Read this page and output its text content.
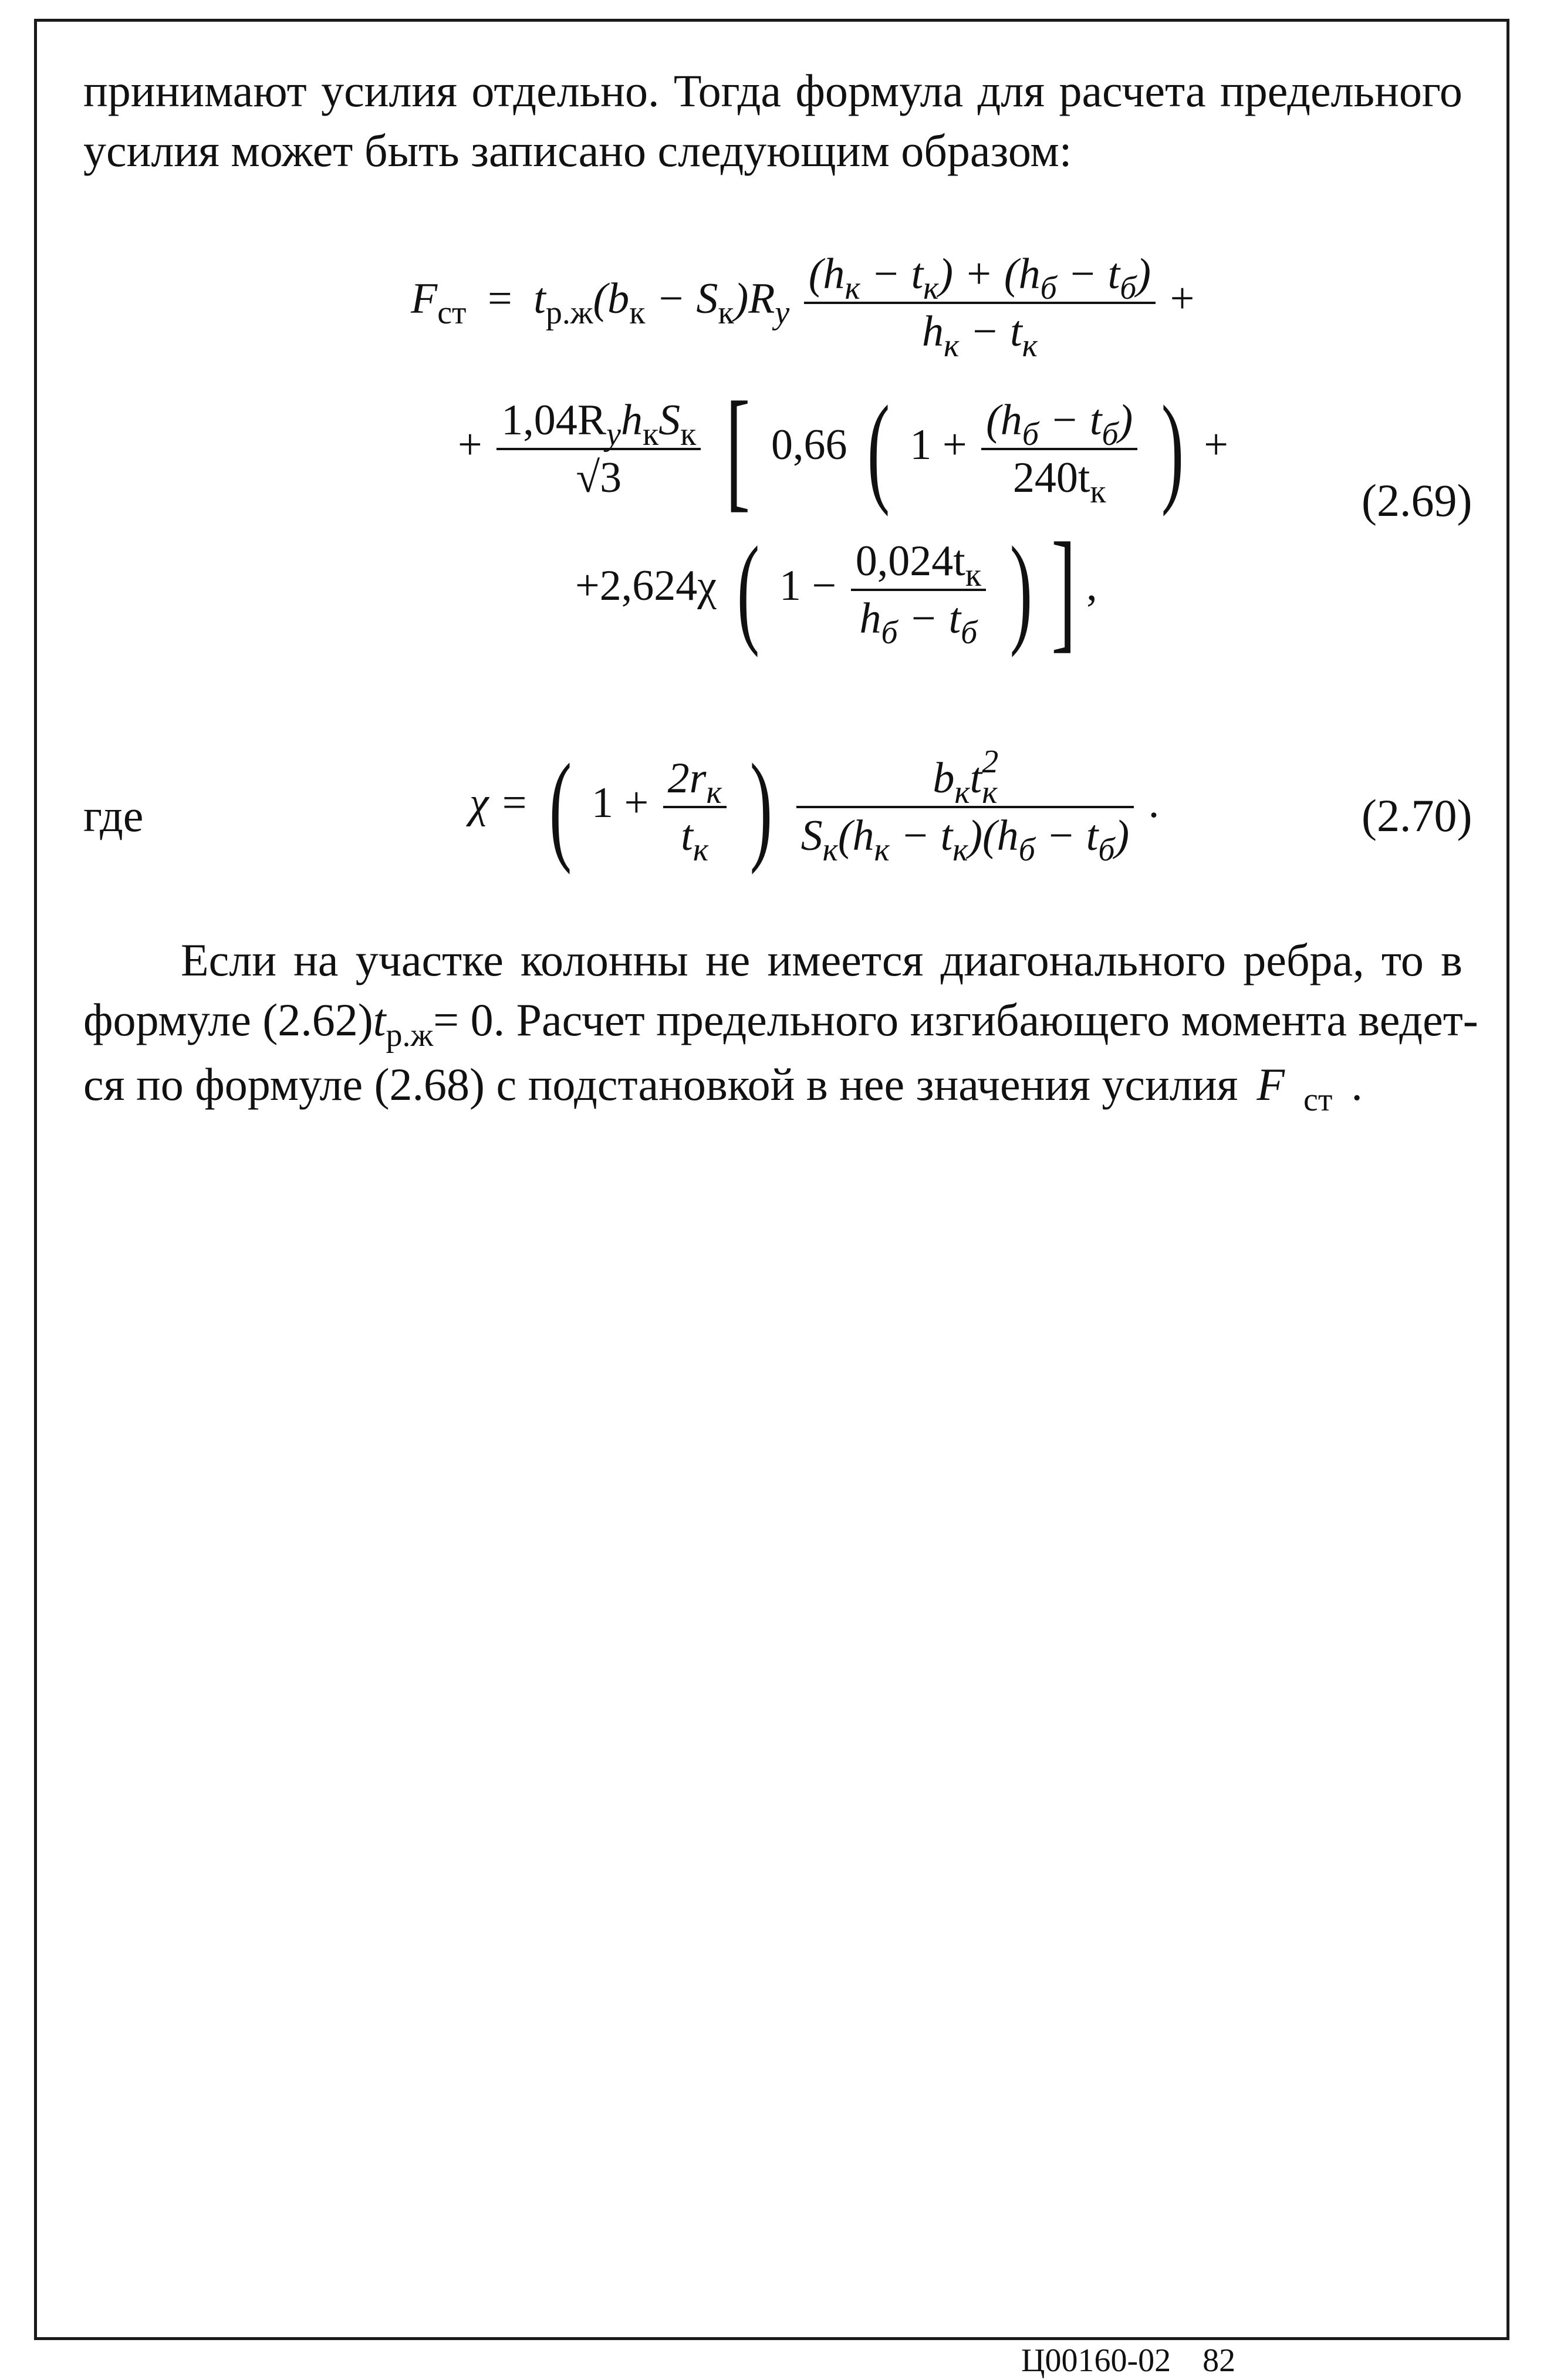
принимают усилия отдельно. Тогда формула для расчета предельного
усилия может быть записано следующим образом:
$F_{ст} = t_{р.ж}(b_к - S_к)R_y \frac{(h_к - t_к) + (h_б - t_б)}{h_к - t_к}$ +
+ $\frac{1,04R_yh_кS_к}{√3}$ [ 0,66 ( $1 + \frac{(h_б - t_б)}{240t_к}$ ) +
+2,624χ ( $1 - \frac{0,024t_к}{h_б - t_б}$ ) ] ,
(2.69)
где	χ = ( $1 + \frac{2r_к}{t_к}$ ) $\frac{b_кt^2_к}{S_к(h_к - t_к)(h_б - t_б)}$ .	(2.70)
Если на участке колонны не имеется диагонального ребра, то в
формуле (2.62) $t_{р.ж} = 0$. Расчет предельного изгибающего момента ведет-
ся по формуле (2.68) с подстановкой в нее значения усилия F $_{ст}$ .
Ц00160-02 82
